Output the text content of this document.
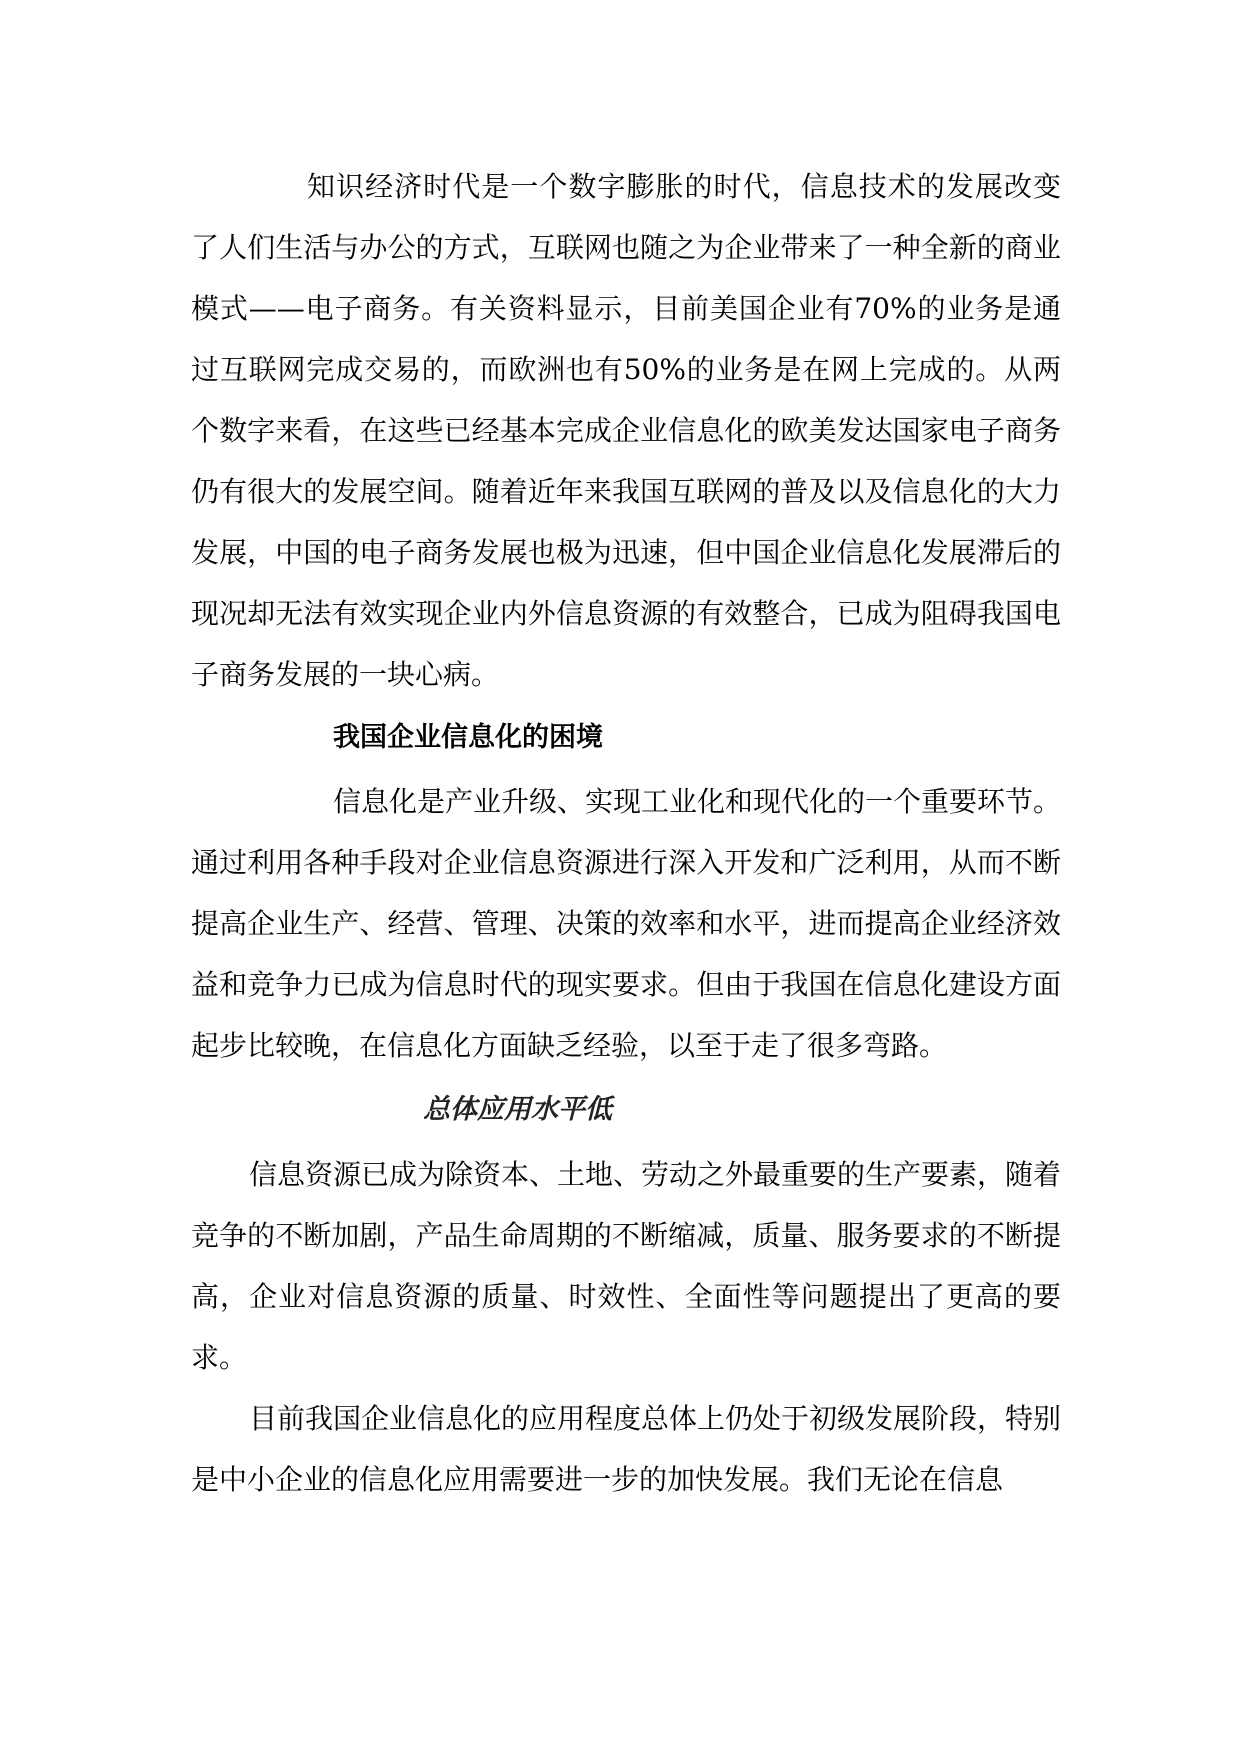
知识经济时代是一个数字膨胀的时代，信息技术的发展改变了人们生活与办公的方式，互联网也随之为企业带来了一种全新的商业模式——电子商务。有关资料显示，目前美国企业有70%的业务是通过互联网完成交易的，而欧洲也有50%的业务是在网上完成的。从两个数字来看，在这些已经基本完成企业信息化的欧美发达国家电子商务仍有很大的发展空间。随着近年来我国互联网的普及以及信息化的大力发展，中国的电子商务发展也极为迅速，但中国企业信息化发展滞后的现况却无法有效实现企业内外信息资源的有效整合，已成为阻碍我国电子商务发展的一块心病。

我国企业信息化的困境

信息化是产业升级、实现工业化和现代化的一个重要环节。通过利用各种手段对企业信息资源进行深入开发和广泛利用，从而不断提高企业生产、经营、管理、决策的效率和水平，进而提高企业经济效益和竞争力已成为信息时代的现实要求。但由于我国在信息化建设方面起步比较晚，在信息化方面缺乏经验，以至于走了很多弯路。

总体应用水平低

信息资源已成为除资本、土地、劳动之外最重要的生产要素，随着竞争的不断加剧，产品生命周期的不断缩减，质量、服务要求的不断提高，企业对信息资源的质量、时效性、全面性等问题提出了更高的要求。

目前我国企业信息化的应用程度总体上仍处于初级发展阶段，特别是中小企业的信息化应用需要进一步的加快发展。我们无论在信息
